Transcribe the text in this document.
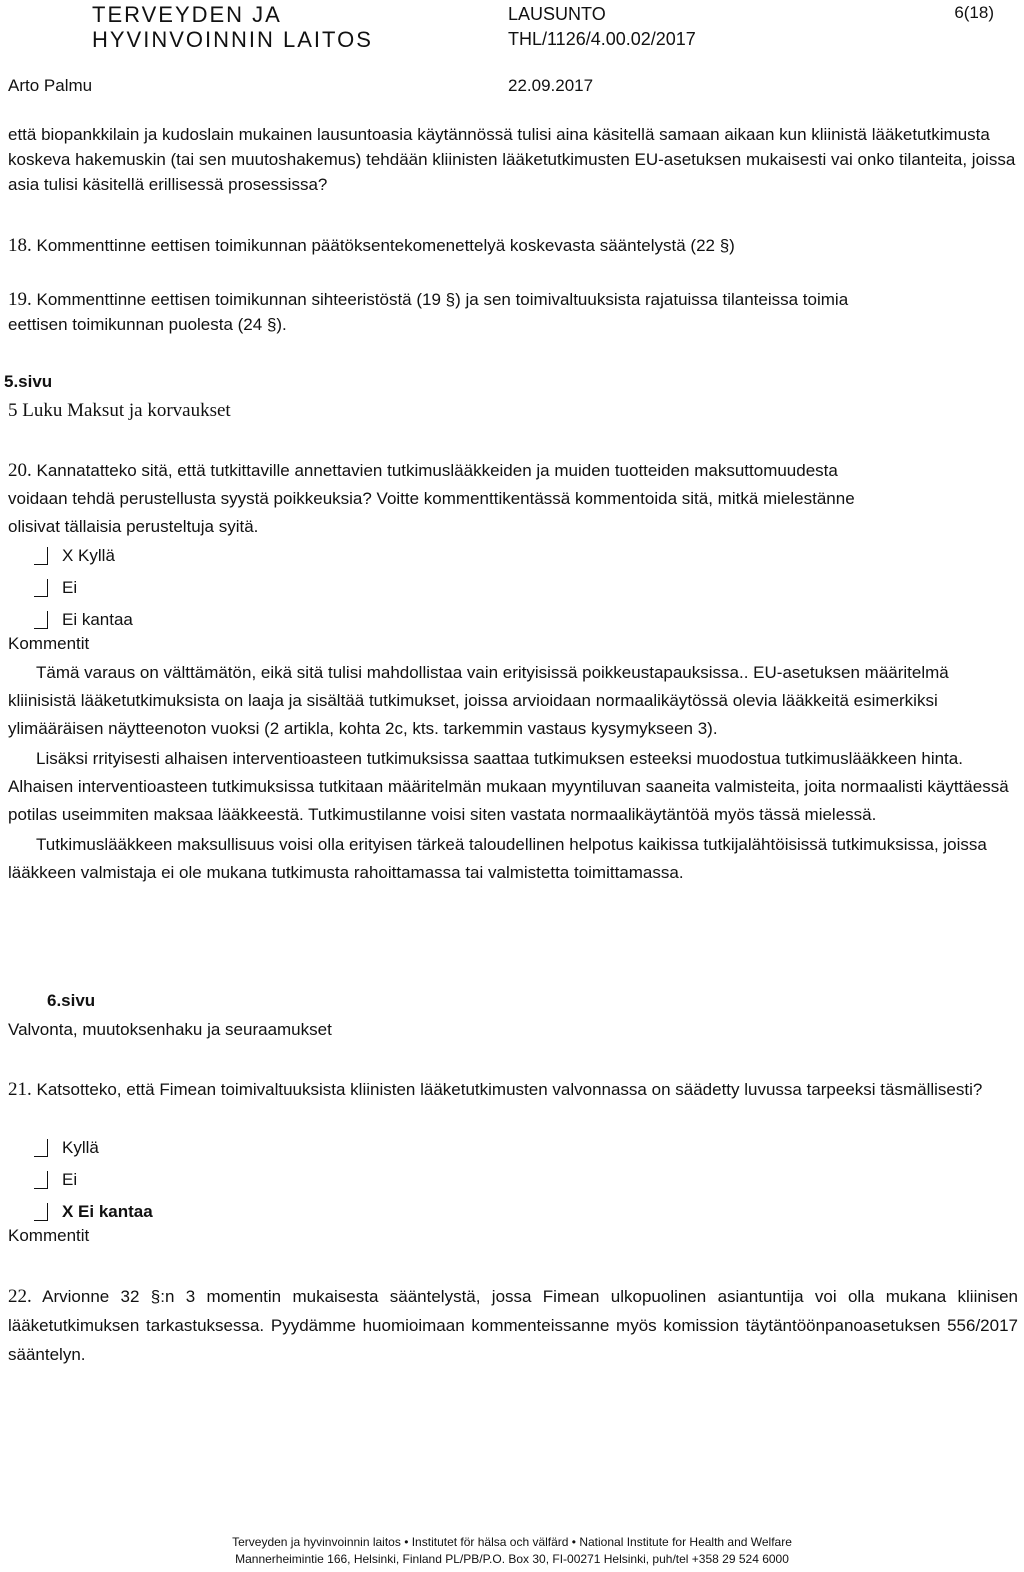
TERVEYDEN JA
HYVINVOINNIN LAITOS
LAUSUNTO
THL/1126/4.00.02/2017
6(18)
Arto Palmu	22.09.2017
että biopankkilain ja kudoslain mukainen lausuntoasia käytännössä tulisi aina käsitellä samaan aikaan kun kliinistä lääketutkimusta koskeva hakemuskin (tai sen muutoshakemus) tehdään kliinisten lääketutkimusten EU-asetuksen mukaisesti vai onko tilanteita, joissa asia tulisi käsitellä erillisessä prosessissa?
18. Kommenttinne eettisen toimikunnan päätöksentekomenettelyä koskevasta sääntelystä (22 §)
19. Kommenttinne eettisen toimikunnan sihteeristöstä (19 §) ja sen toimivaltuuksista rajatuissa tilanteissa toimia eettisen toimikunnan puolesta (24 §).
5.sivu
5 Luku Maksut ja korvaukset
20. Kannatatteko sitä, että tutkittaville annettavien tutkimuslääkkeiden ja muiden tuotteiden maksuttomuudesta voidaan tehdä perustellusta syystä poikkeuksia? Voitte kommenttikentässä kommentoida sitä, mitkä mielestänne olisivat tällaisia perusteltuja syitä.
X Kyllä
Ei
Ei kantaa
Kommentit
Tämä varaus on välttämätön, eikä sitä tulisi mahdollistaa vain erityisissä poikkeustapauksissa.. EU-asetuksen määritelmä kliinisistä lääketutkimuksista on laaja ja sisältää tutkimukset, joissa arvioidaan normaalikäytössä olevia lääkkeitä esimerkiksi ylimääräisen näytteenoton vuoksi (2 artikla, kohta 2c, kts. tarkemmin vastaus kysymykseen 3).
Lisäksi rrityisesti alhaisen interventioasteen tutkimuksissa saattaa tutkimuksen esteeksi muodostua tutkimuslääkkeen hinta. Alhaisen interventioasteen tutkimuksissa tutkitaan määritelmän mukaan myyntiluvan saaneita valmisteita, joita normaalisti käyttäessä potilas useimmiten maksaa lääkkeestä. Tutkimustilanne voisi siten vastata normaalikäytäntöä myös tässä mielessä.
Tutkimuslääkkeen maksullisuus voisi olla erityisen tärkeä taloudellinen helpotus kaikissa tutkijalähtöisissä tutkimuksissa, joissa lääkkeen valmistaja ei ole mukana tutkimusta rahoittamassa tai valmistetta toimittamassa.
6.sivu
Valvonta, muutoksenhaku ja seuraamukset
21. Katsotteko, että Fimean toimivaltuuksista kliinisten lääketutkimusten valvonnassa on säädetty luvussa tarpeeksi täsmällisesti?
Kyllä
Ei
X Ei kantaa
Kommentit
22. Arvionne 32 §:n 3 momentin mukaisesta sääntelystä, jossa Fimean ulkopuolinen asiantuntija voi olla mukana kliinisen lääketutkimuksen tarkastuksessa. Pyydämme huomioimaan kommenteissanne myös komission täytäntöönpanoasetuksen 556/2017 sääntelyn.
Terveyden ja hyvinvoinnin laitos • Institutet för hälsa och välfärd • National Institute for Health and Welfare
Mannerheimintie 166, Helsinki, Finland PL/PB/P.O. Box 30, FI-00271 Helsinki, puh/tel +358 29 524 6000
